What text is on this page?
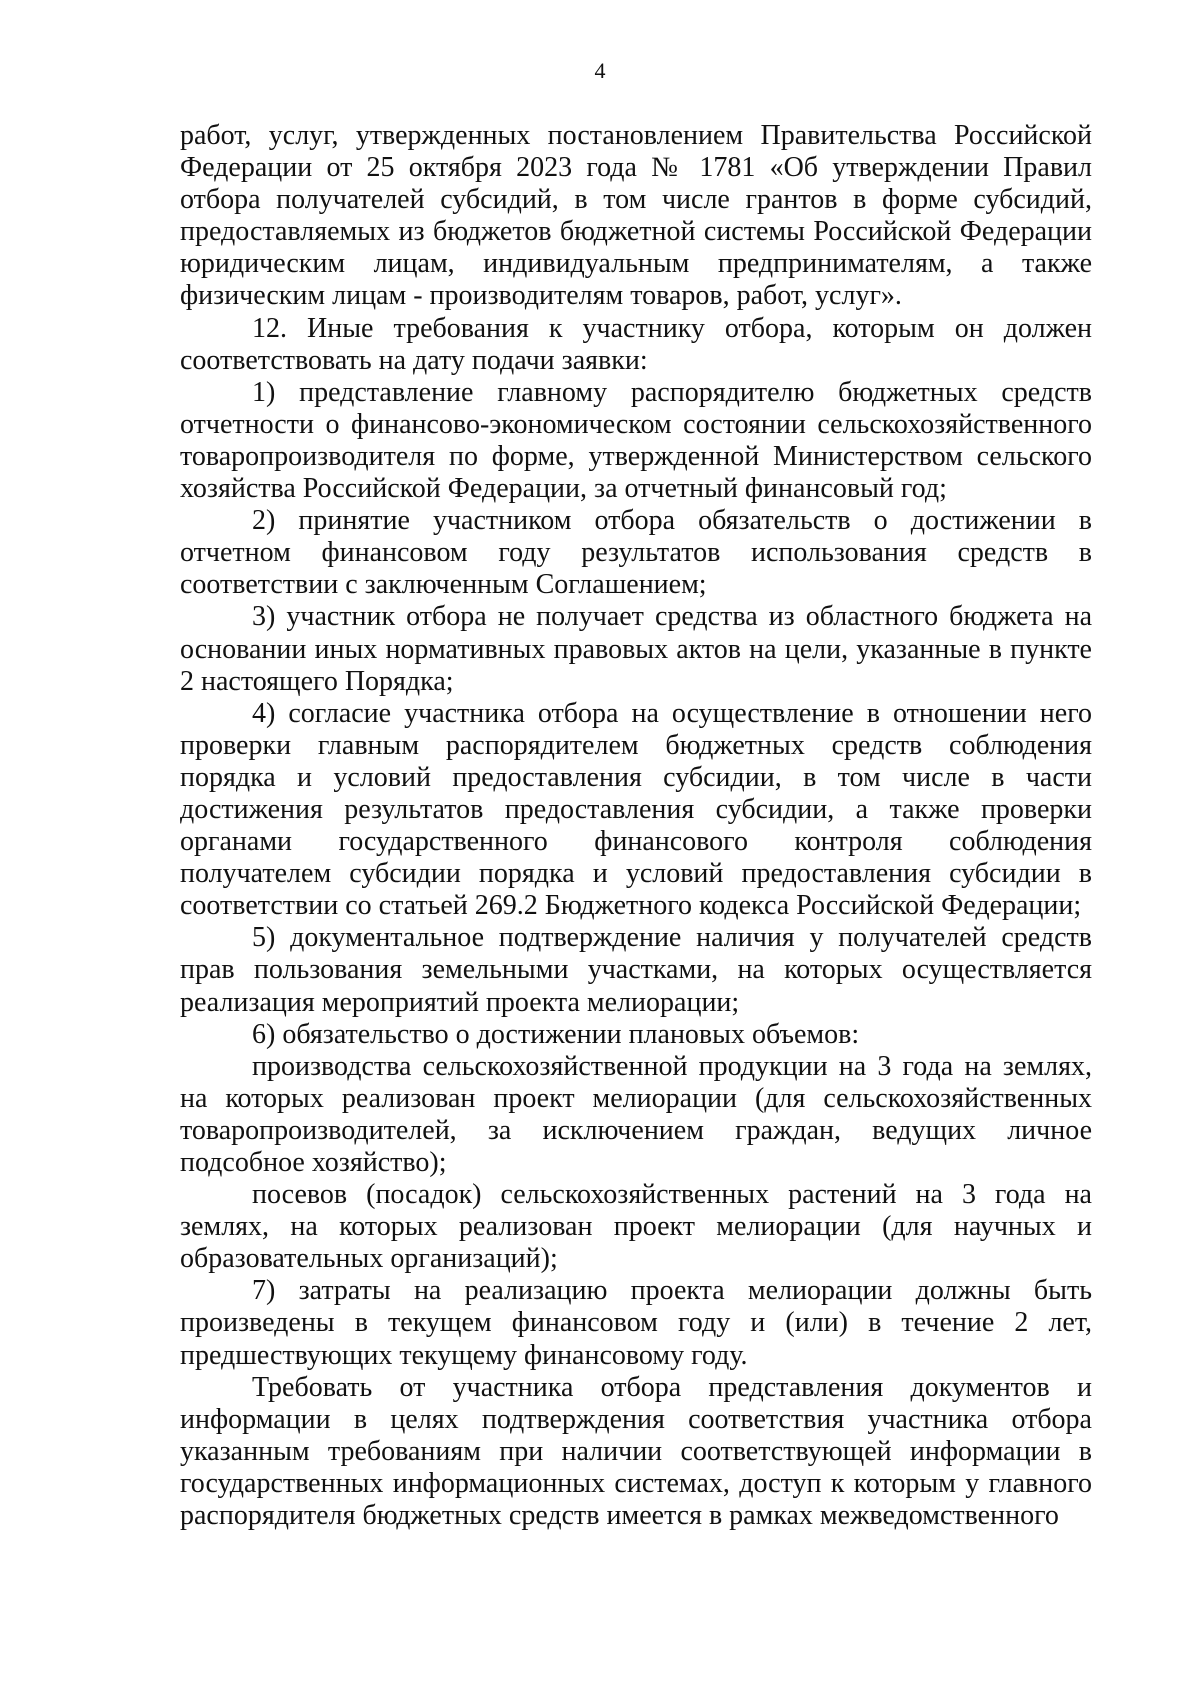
4

работ, услуг, утвержденных постановлением Правительства Российской Федерации от 25 октября 2023 года № 1781 «Об утверждении Правил отбора получателей субсидий, в том числе грантов в форме субсидий, предоставляемых из бюджетов бюджетной системы Российской Федерации юридическим лицам, индивидуальным предпринимателям, а также физическим лицам - производителям товаров, работ, услуг».

12. Иные требования к участнику отбора, которым он должен соответствовать на дату подачи заявки:

1) представление главному распорядителю бюджетных средств отчетности о финансово-экономическом состоянии сельскохозяйственного товаропроизводителя по форме, утвержденной Министерством сельского хозяйства Российской Федерации, за отчетный финансовый год;

2) принятие участником отбора обязательств о достижении в отчетном финансовом году результатов использования средств в соответствии с заключенным Соглашением;

3) участник отбора не получает средства из областного бюджета на основании иных нормативных правовых актов на цели, указанные в пункте 2 настоящего Порядка;

4) согласие участника отбора на осуществление в отношении него проверки главным распорядителем бюджетных средств соблюдения порядка и условий предоставления субсидии, в том числе в части достижения результатов предоставления субсидии, а также проверки органами государственного финансового контроля соблюдения получателем субсидии порядка и условий предоставления субсидии в соответствии со статьей 269.2 Бюджетного кодекса Российской Федерации;

5) документальное подтверждение наличия у получателей средств прав пользования земельными участками, на которых осуществляется реализация мероприятий проекта мелиорации;

6) обязательство о достижении плановых объемов:

производства сельскохозяйственной продукции на 3 года на землях, на которых реализован проект мелиорации (для сельскохозяйственных товаропроизводителей, за исключением граждан, ведущих личное подсобное хозяйство);

посевов (посадок) сельскохозяйственных растений на 3 года на землях, на которых реализован проект мелиорации (для научных и образовательных организаций);

7) затраты на реализацию проекта мелиорации должны быть произведены в текущем финансовом году и (или) в течение 2 лет, предшествующих текущему финансовому году.

Требовать от участника отбора представления документов и информации в целях подтверждения соответствия участника отбора указанным требованиям при наличии соответствующей информации в государственных информационных системах, доступ к которым у главного распорядителя бюджетных средств имеется в рамках межведомственного
